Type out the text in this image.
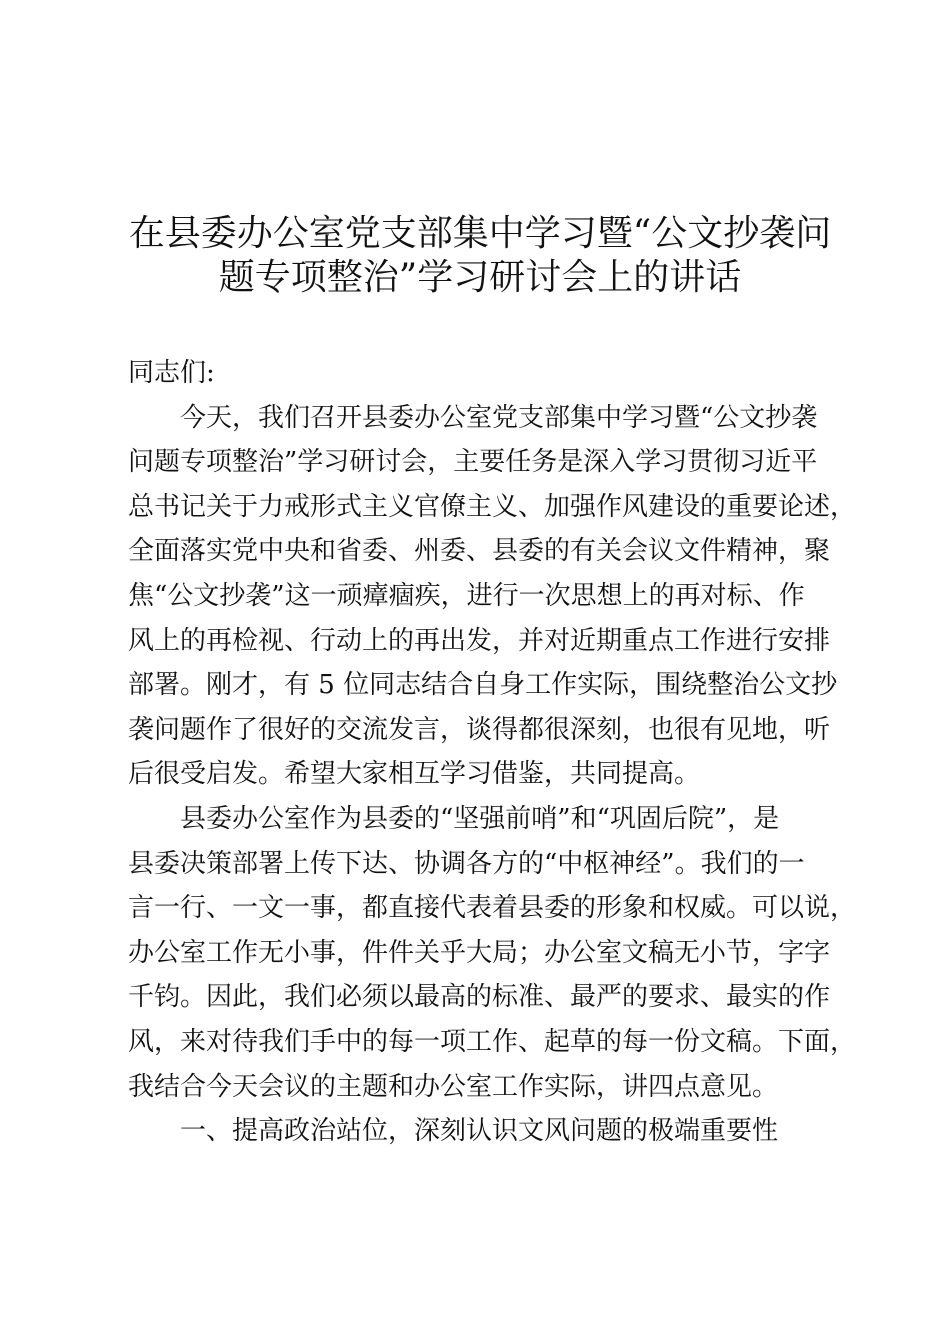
在县委办公室党支部集中学习暨“公文抄袭问
题专项整治”学习研讨会上的讲话

同志们:

今天，我们召开县委办公室党支部集中学习暨“公文抄袭
问题专项整治”学习研讨会，主要任务是深入学习贯彻习近平
总书记关于力戒形式主义官僚主义、加强作风建设的重要论述，
全面落实党中央和省委、州委、县委的有关会议文件精神，聚
焦“公文抄袭”这一顽瘴痼疾，进行一次思想上的再对标、作
风上的再检视、行动上的再出发，并对近期重点工作进行安排
部署。刚才，有 5 位同志结合自身工作实际，围绕整治公文抄
袭问题作了很好的交流发言，谈得都很深刻，也很有见地，听
后很受启发。希望大家相互学习借鉴，共同提高。

县委办公室作为县委的“坚强前哨”和“巩固后院”，是
县委决策部署上传下达、协调各方的“中枢神经”。我们的一
言一行、一文一事，都直接代表着县委的形象和权威。可以说，
办公室工作无小事，件件关乎大局；办公室文稿无小节，字字
千钧。因此，我们必须以最高的标准、最严的要求、最实的作
风，来对待我们手中的每一项工作、起草的每一份文稿。下面，
我结合今天会议的主题和办公室工作实际，讲四点意见。

一、提高政治站位，深刻认识文风问题的极端重要性
